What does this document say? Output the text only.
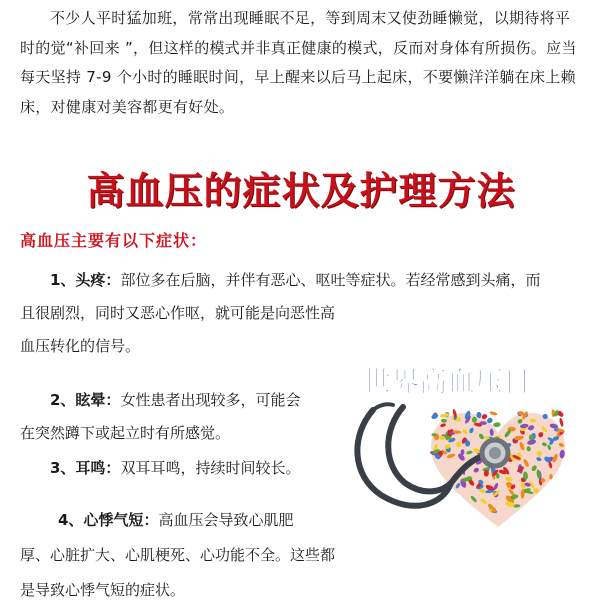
不少人平时猛加班，常常出现睡眠不足，等到周末又使劲睡懒觉，以期待将平时的觉“补回来 ”，但这样的模式并非真正健康的模式，反而对身体有所损伤。应当每天坚持 7-9 个小时的睡眠时间，早上醒来以后马上起床，不要懒洋洋躺在床上赖床，对健康对美容都更有好处。
高血压的症状及护理方法
高血压主要有以下症状：
1、头疼：部位多在后脑，并伴有恶心、呕吐等症状。若经常感到头痛，而
且很剧烈，同时又恶心作呕，就可能是向恶性高血压转化的信号。
2、眩晕：女性患者出现较多，可能会
在突然蹲下或起立时有所感觉。
3、耳鸣：双耳耳鸣，持续时间较长。
4、心悸气短：高血压会导致心肌肥
厚、心脏扩大、心肌梗死、心功能不全。这些都是导致心悸气短的症状。
世界高血压日
